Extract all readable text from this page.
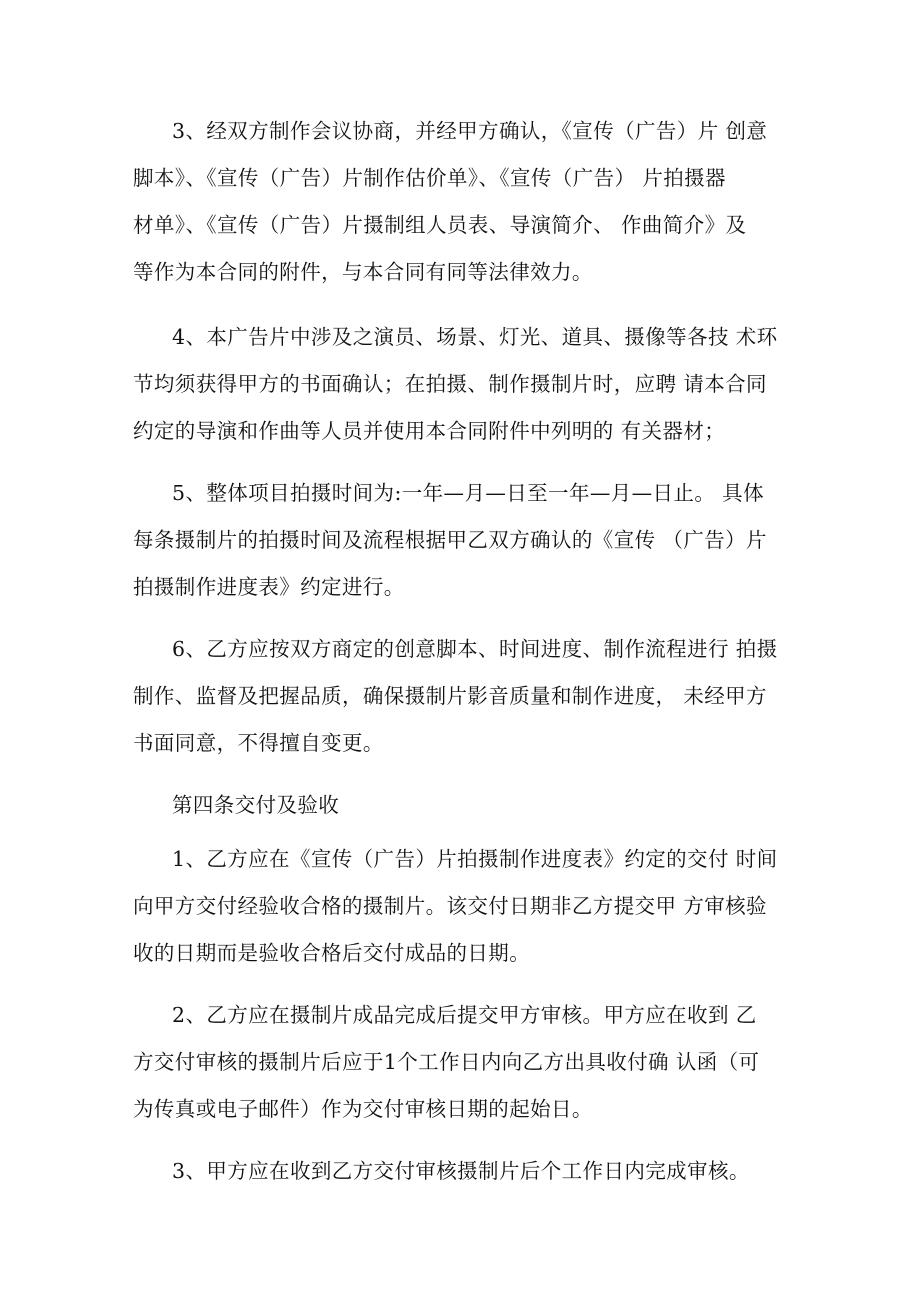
3、经双方制作会议协商，并经甲方确认，《宣传（广告）片 创意
脚本》、《宣传（广告）片制作估价单》、《宣传（广告） 片拍摄器
材单》、《宣传（广告）片摄制组人员表、导演简介、 作曲简介》及
等作为本合同的附件，与本合同有同等法律效力。
4、本广告片中涉及之演员、场景、灯光、道具、摄像等各技 术环
节均须获得甲方的书面确认；在拍摄、制作摄制片时，应聘 请本合同
约定的导演和作曲等人员并使用本合同附件中列明的 有关器材；
5、整体项目拍摄时间为:一年—月—日至一年—月—日止。 具体
每条摄制片的拍摄时间及流程根据甲乙双方确认的《宣传 （广告）片
拍摄制作进度表》约定进行。
6、乙方应按双方商定的创意脚本、时间进度、制作流程进行 拍摄
制作、监督及把握品质，确保摄制片影音质量和制作进度， 未经甲方
书面同意，不得擅自变更。

第四条交付及验收

1、乙方应在《宣传（广告）片拍摄制作进度表》约定的交付 时间
向甲方交付经验收合格的摄制片。该交付日期非乙方提交甲 方审核验
收的日期而是验收合格后交付成品的日期。
2、乙方应在摄制片成品完成后提交甲方审核。甲方应在收到 乙
方交付审核的摄制片后应于1个工作日内向乙方出具收付确 认函（可
为传真或电子邮件）作为交付审核日期的起始日。
3、甲方应在收到乙方交付审核摄制片后个工作日内完成审核。
